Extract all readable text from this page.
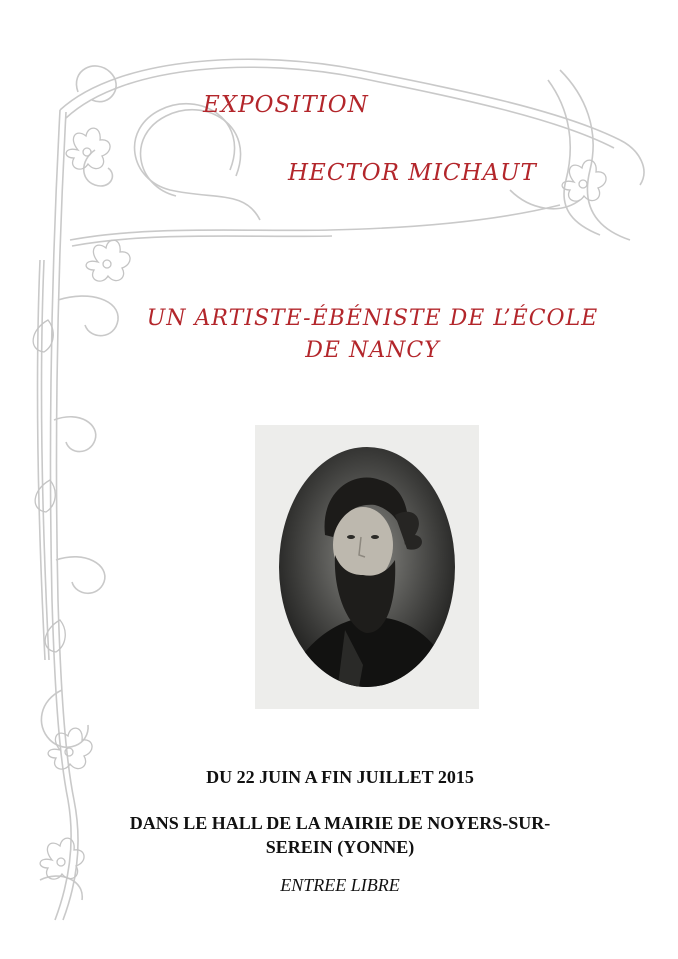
EXPOSITION
HECTOR MICHAUT
UN ARTISTE-ÉBÉNISTE DE L’ÉCOLE
DE NANCY
DU 22 JUIN A FIN JUILLET 2015
DANS LE HALL DE LA MAIRIE DE NOYERS-SUR-
SEREIN (YONNE)
ENTREE LIBRE
